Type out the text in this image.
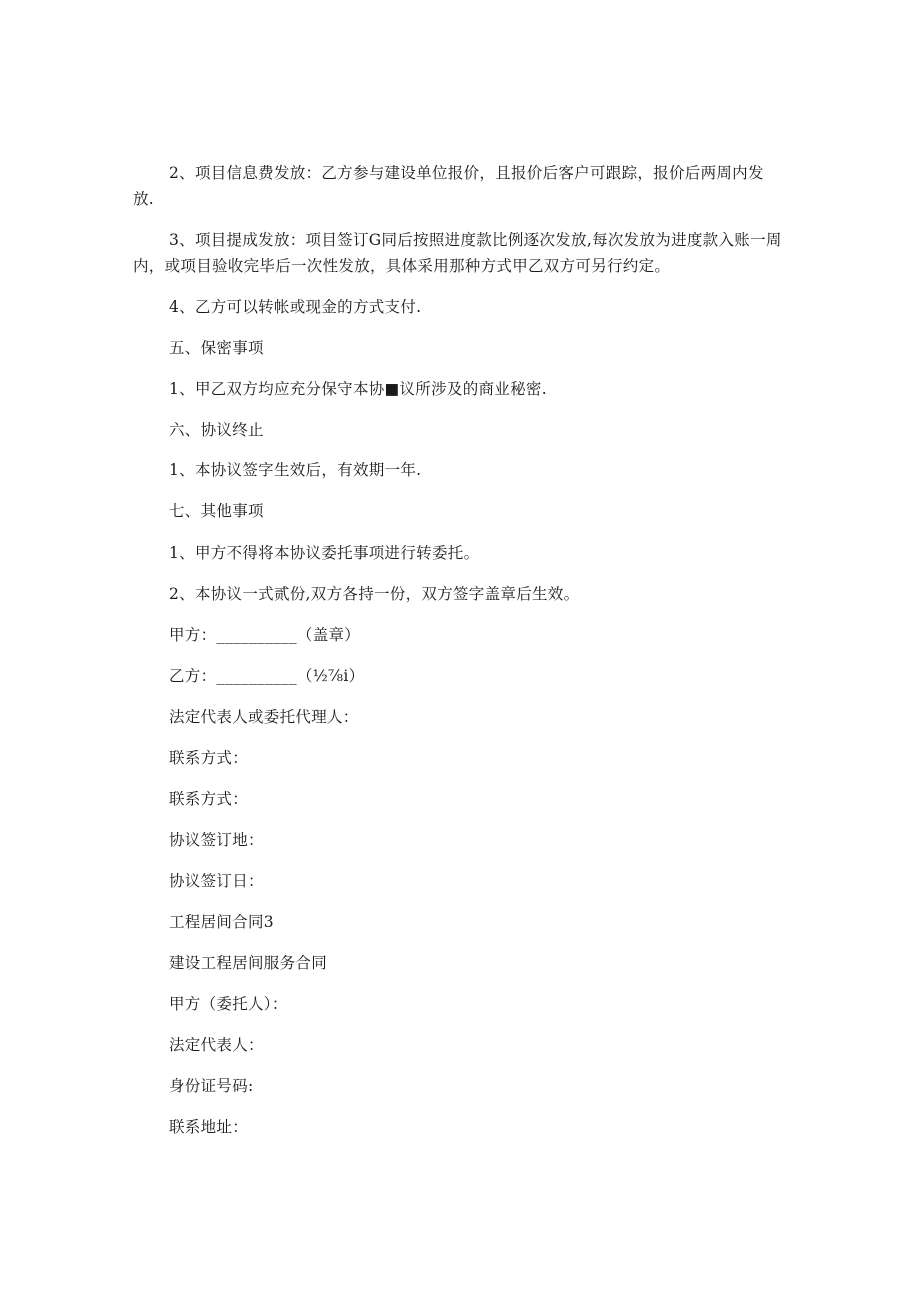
2、项目信息费发放：乙方参与建设单位报价，且报价后客户可跟踪，报价后两周内发放.
3、项目提成发放：项目签订G同后按照进度款比例逐次发放,每次发放为进度款入账一周内，或项目验收完毕后一次性发放，具体采用那种方式甲乙双方可另行约定。
4、乙方可以转帐或现金的方式支付.
五、保密事项
1、甲乙双方均应充分保守本协■议所涉及的商业秘密.
六、协议终止
1、本协议签字生效后，有效期一年.
七、其他事项
1、甲方不得将本协议委托事项进行转委托。
2、本协议一式贰份,双方各持一份，双方签字盖章后生效。
甲方：__________（盖章）
乙方：__________（½⅞i）
法定代表人或委托代理人：
联系方式：
联系方式：
协议签订地：
协议签订日：
工程居间合同3
建设工程居间服务合同
甲方（委托人）：
法定代表人：
身份证号码:
联系地址：
